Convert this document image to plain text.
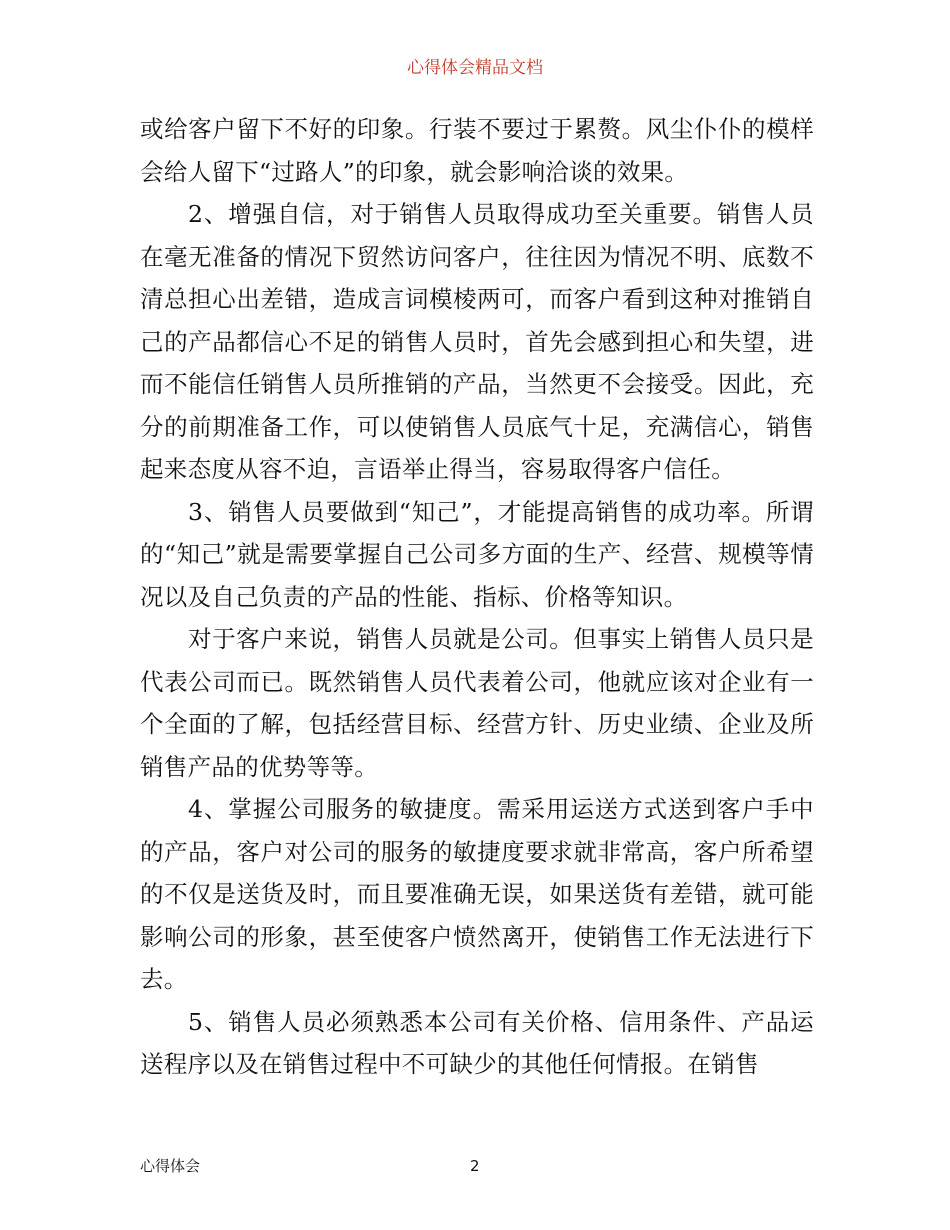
心得体会精品文档

或给客户留下不好的印象。行装不要过于累赘。风尘仆仆的模样会给人留下“过路人”的印象，就会影响洽谈的效果。

2、增强自信，对于销售人员取得成功至关重要。销售人员在毫无准备的情况下贸然访问客户，往往因为情况不明、底数不清总担心出差错，造成言词模棱两可，而客户看到这种对推销自己的产品都信心不足的销售人员时，首先会感到担心和失望，进而不能信任销售人员所推销的产品，当然更不会接受。因此，充分的前期准备工作，可以使销售人员底气十足，充满信心，销售起来态度从容不迫，言语举止得当，容易取得客户信任。

3、销售人员要做到“知己”，才能提高销售的成功率。所谓的“知己”就是需要掌握自己公司多方面的生产、经营、规模等情况以及自己负责的产品的性能、指标、价格等知识。

对于客户来说，销售人员就是公司。但事实上销售人员只是代表公司而已。既然销售人员代表着公司，他就应该对企业有一个全面的了解，包括经营目标、经营方针、历史业绩、企业及所销售产品的优势等等。

4、掌握公司服务的敏捷度。需采用运送方式送到客户手中的产品，客户对公司的服务的敏捷度要求就非常高，客户所希望的不仅是送货及时，而且要准确无误，如果送货有差错，就可能影响公司的形象，甚至使客户愤然离开，使销售工作无法进行下去。

5、销售人员必须熟悉本公司有关价格、信用条件、产品运送程序以及在销售过程中不可缺少的其他任何情报。在销售

心得体会	2
